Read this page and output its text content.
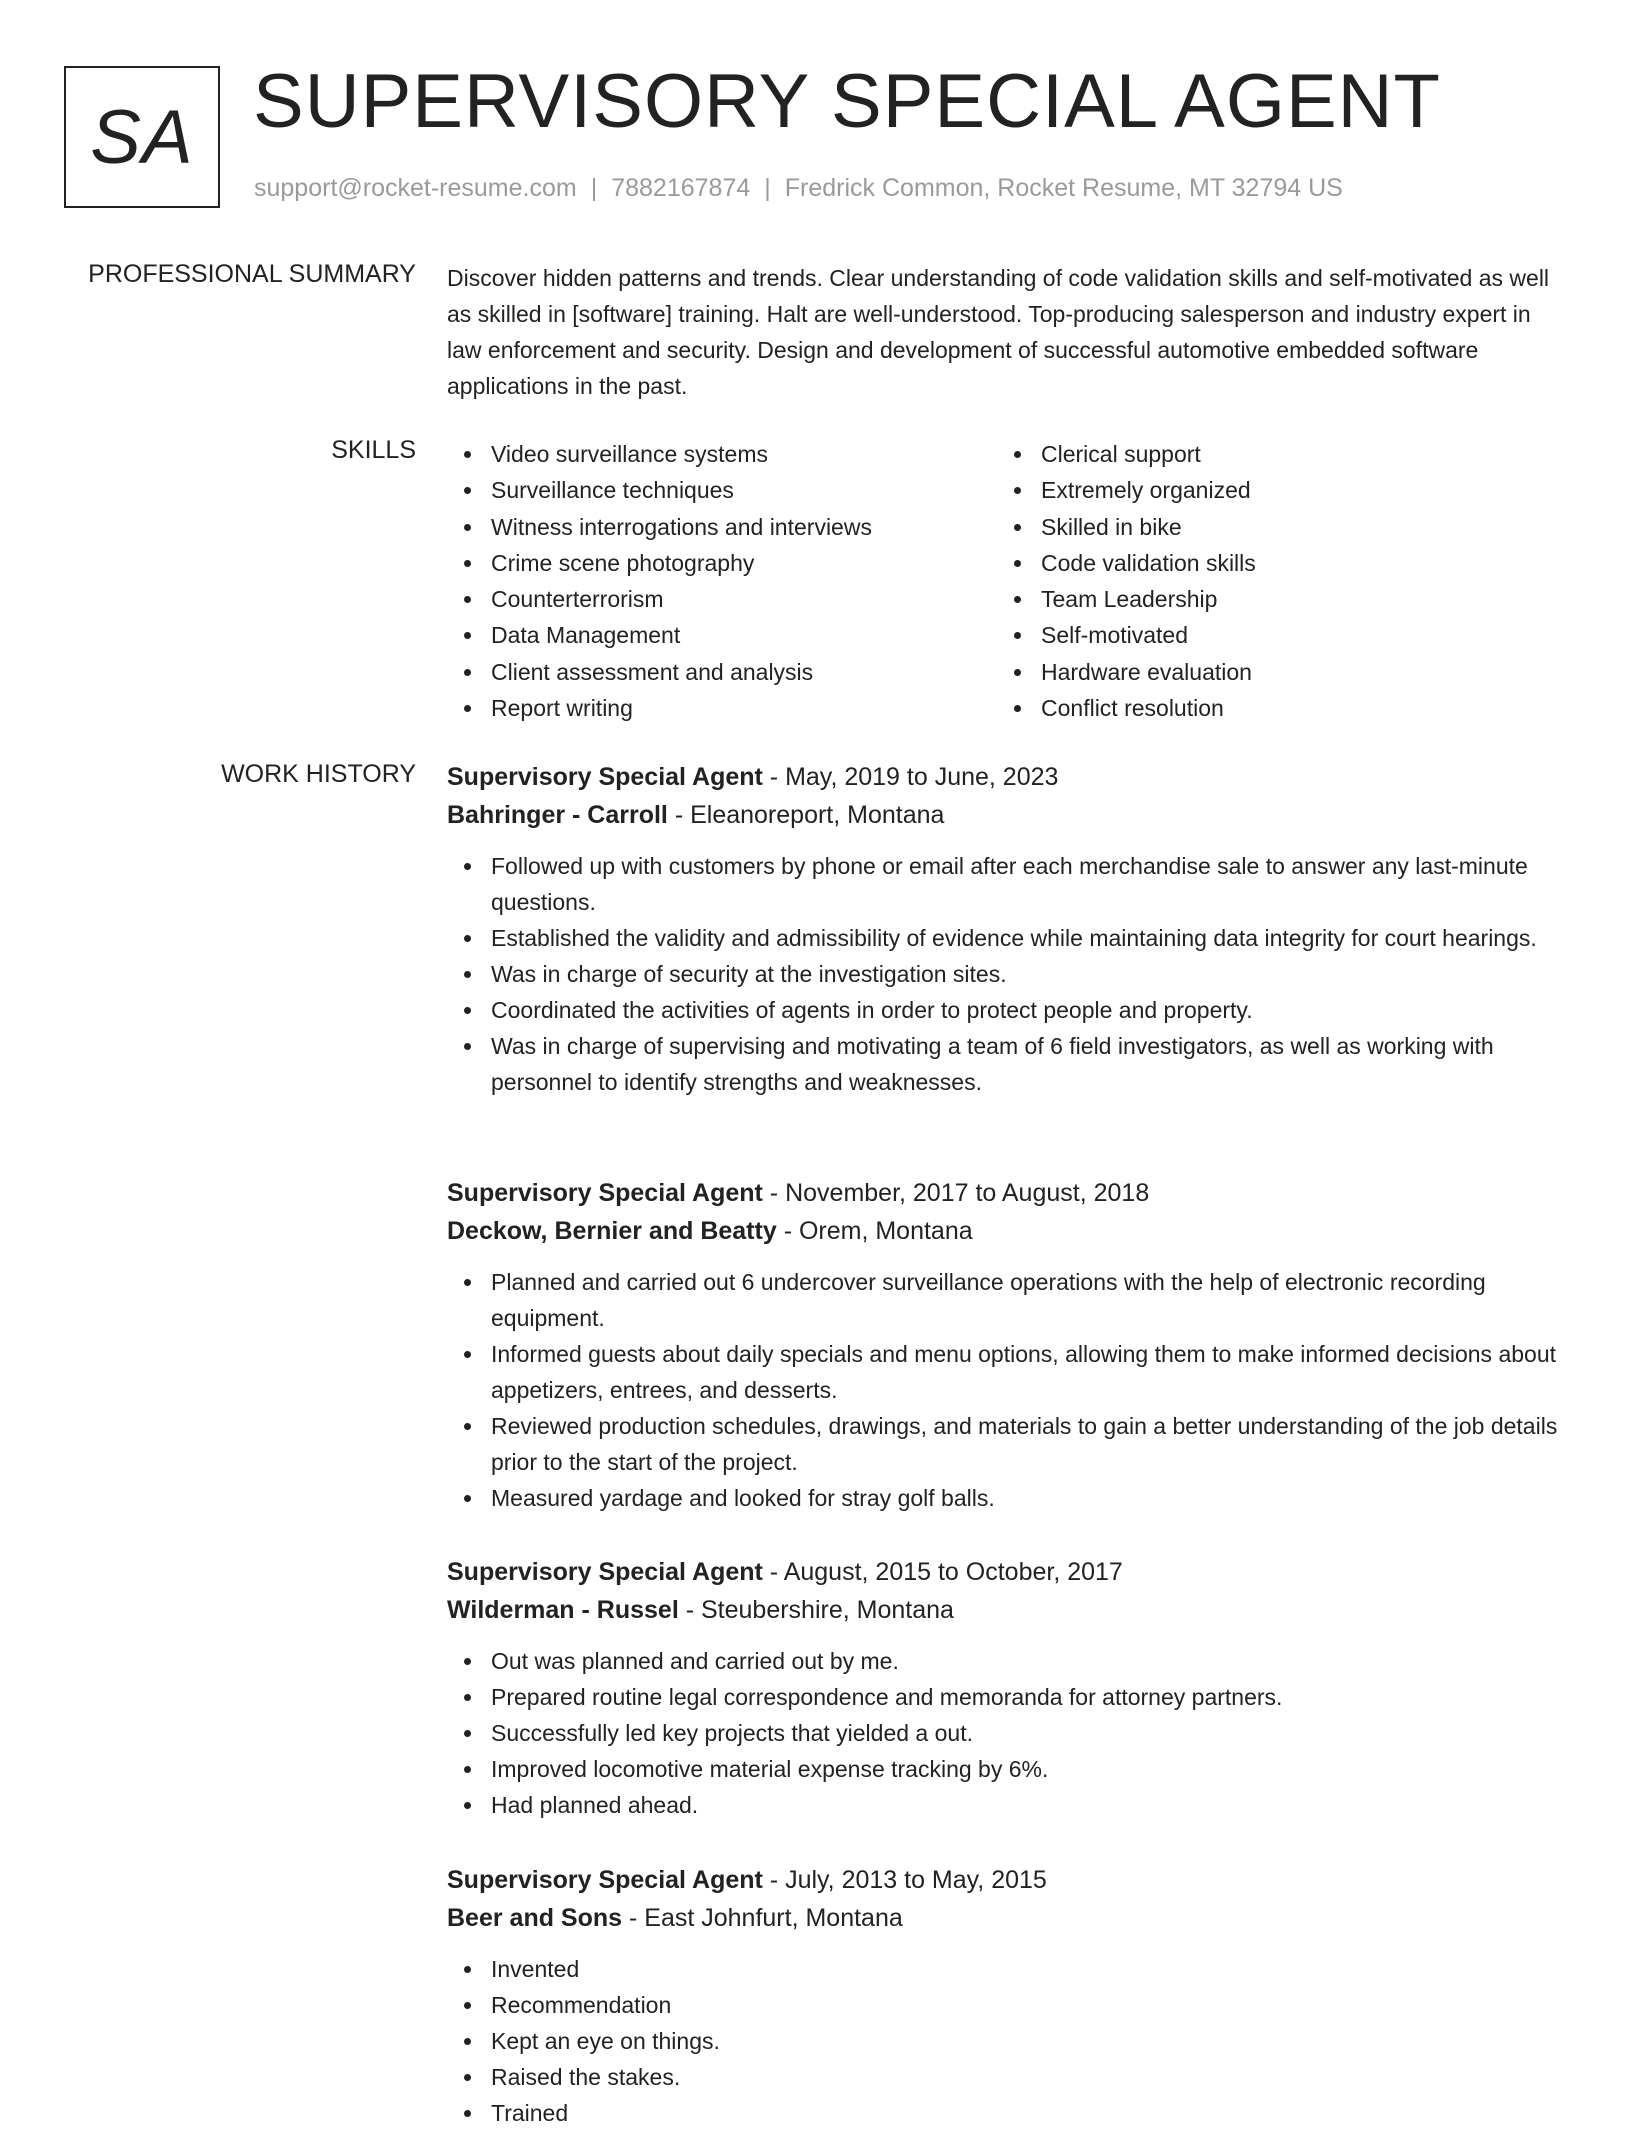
SA SUPERVISORY SPECIAL AGENT
support@rocket-resume.com | 7882167874 | Fredrick Common, Rocket Resume, MT 32794 US
PROFESSIONAL SUMMARY Discover hidden patterns and trends. Clear understanding of code validation skills and self-motivated as well as skilled in [software] training. Halt are well-understood. Top-producing salesperson and industry expert in law enforcement and security. Design and development of successful automotive embedded software applications in the past.

SKILLS	Video surveillance systems
Surveillance techniques
Witness interrogations and interviews
Crime scene photography
Counterterrorism
Data Management
Client assessment and analysis
Report writing
Clerical support
Extremely organized
Skilled in bike
Code validation skills
Team Leadership
Self-motivated
Hardware evaluation
Conflict resolution
WORK HISTORY Supervisory Special Agent - May, 2019 to June, 2023
Bahringer - Carroll - Eleanoreport, Montana
Followed up with customers by phone or email after each merchandise sale to answer any last-minute questions.
Established the validity and admissibility of evidence while maintaining data integrity for court hearings.
Was in charge of security at the investigation sites.
Coordinated the activities of agents in order to protect people and property.
Was in charge of supervising and motivating a team of 6 field investigators, as well as working with personnel to identify strengths and weaknesses.
Supervisory Special Agent - November, 2017 to August, 2018
Deckow, Bernier and Beatty - Orem, Montana
Planned and carried out 6 undercover surveillance operations with the help of electronic recording equipment.
Informed guests about daily specials and menu options, allowing them to make informed decisions about appetizers, entrees, and desserts.
Reviewed production schedules, drawings, and materials to gain a better understanding of the job details prior to the start of the project.
Measured yardage and looked for stray golf balls.
Supervisory Special Agent - August, 2015 to October, 2017
Wilderman - Russel - Steubershire, Montana
Out was planned and carried out by me.
Prepared routine legal correspondence and memoranda for attorney partners.
Successfully led key projects that yielded a out.
Improved locomotive material expense tracking by 6%.
Had planned ahead.
Supervisory Special Agent - July, 2013 to May, 2015
Beer and Sons - East Johnfurt, Montana
Invented
Recommendation
Kept an eye on things.
Raised the stakes.
Trained
